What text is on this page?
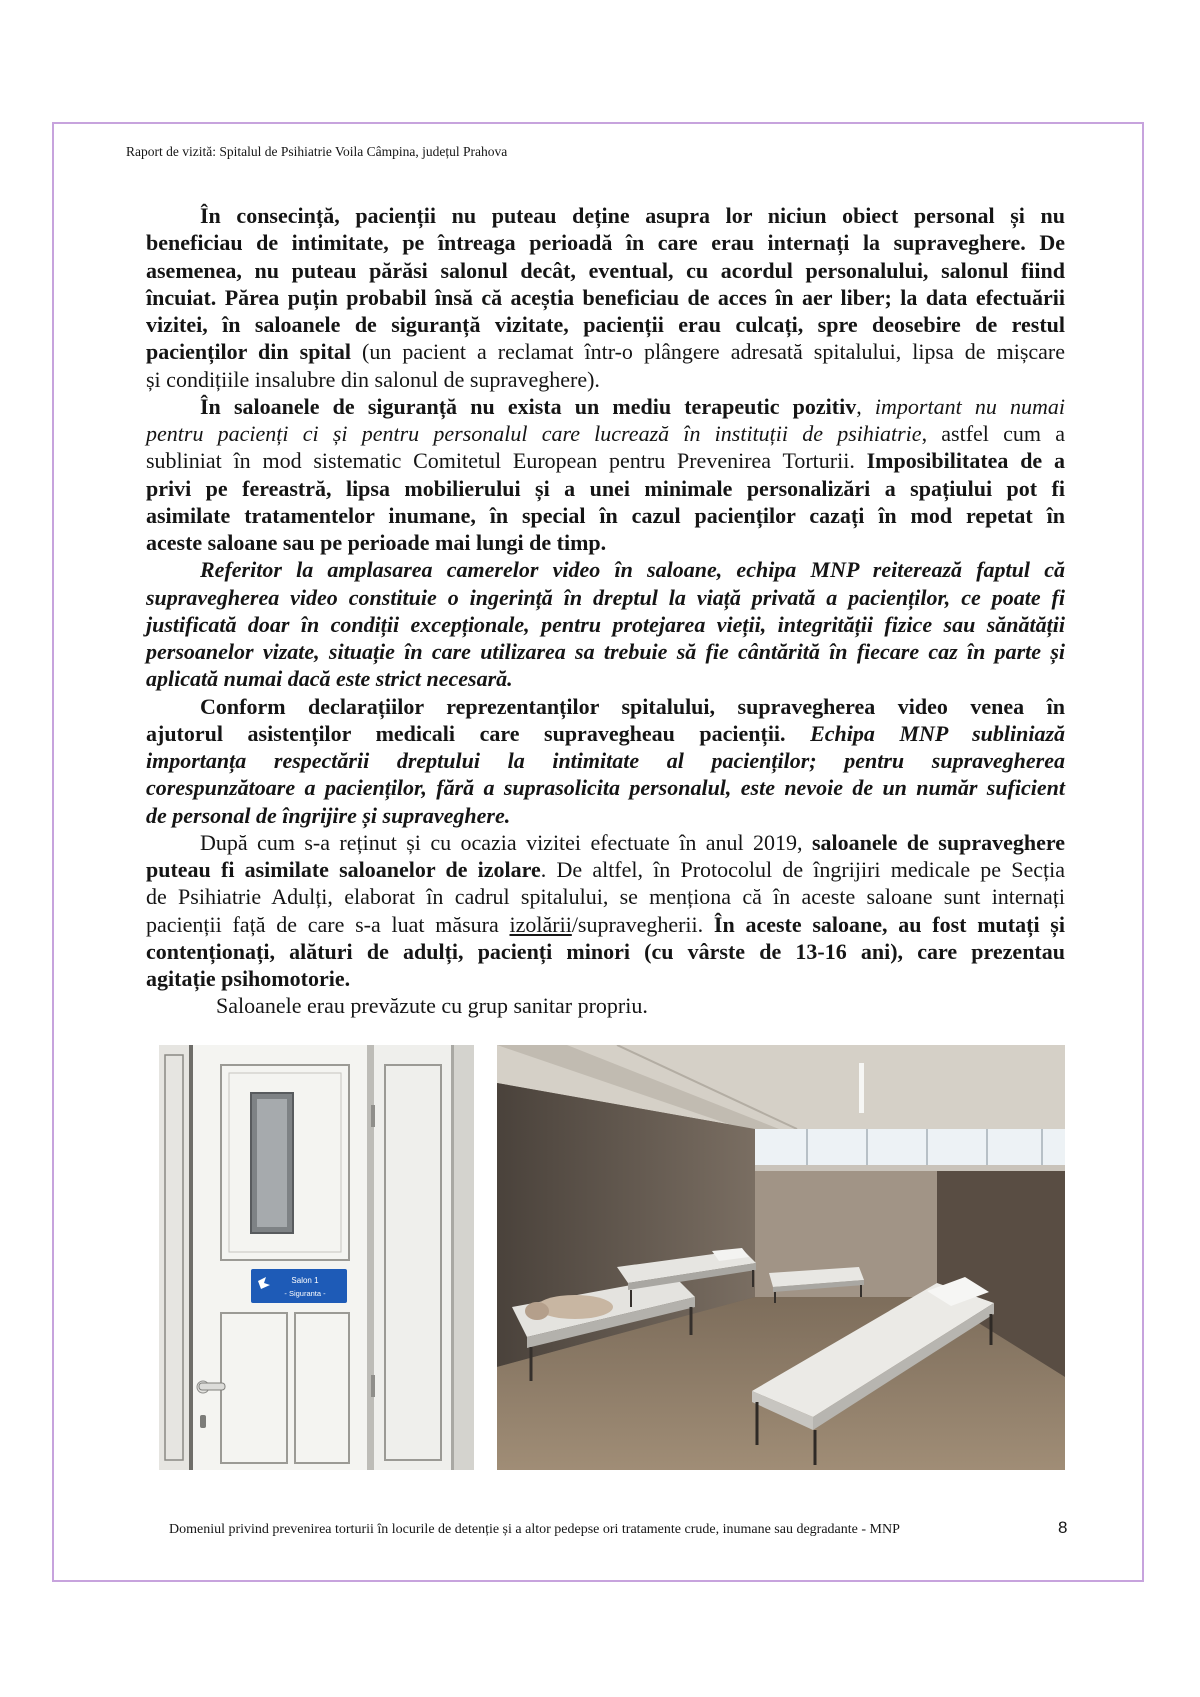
Raport de vizită: Spitalul de Psihiatrie Voila Câmpina, județul Prahova
În consecință, pacienții nu puteau deține asupra lor niciun obiect personal și nu
beneficiau de intimitate, pe întreaga perioadă în care erau internați la supraveghere. De
asemenea, nu puteau părăsi salonul decât, eventual, cu acordul personalului, salonul fiind
încuiat. Părea puțin probabil însă că aceștia beneficiau de acces în aer liber; la data efectuării
vizitei, în saloanele de siguranță vizitate, pacienții erau culcați, spre deosebire de restul
pacienților din spital (un pacient a reclamat într-o plângere adresată spitalului, lipsa de mișcare
și condițiile insalubre din salonul de supraveghere).
În saloanele de siguranță nu exista un mediu terapeutic pozitiv, important nu numai
pentru pacienți ci și pentru personalul care lucrează în instituții de psihiatrie, astfel cum a
subliniat în mod sistematic Comitetul European pentru Prevenirea Torturii. Imposibilitatea de a
privi pe fereastră, lipsa mobilierului și a unei minimale personalizări a spațiului pot fi
asimilate tratamentelor inumane, în special în cazul pacienților cazați în mod repetat în
aceste saloane sau pe perioade mai lungi de timp.
Referitor la amplasarea camerelor video în saloane, echipa MNP reiterează faptul că
supravegherea video constituie o ingerință în dreptul la viață privată a pacienților, ce poate fi
justificată doar în condiții excepționale, pentru protejarea vieții, integrității fizice sau sănătății
persoanelor vizate, situație în care utilizarea sa trebuie să fie cântărită în fiecare caz în parte și
aplicată numai dacă este strict necesară.
Conform declarațiilor reprezentanților spitalului, supravegherea video venea în
ajutorul asistenților medicali care supravegheau pacienții. Echipa MNP subliniază
importanța respectării dreptului la intimitate al pacienților; pentru supravegherea
corespunzătoare a pacienților, fără a suprasolicita personalul, este nevoie de un număr suficient
de personal de îngrijire și supraveghere.
După cum s-a reținut și cu ocazia vizitei efectuate în anul 2019, saloanele de supraveghere
puteau fi asimilate saloanelor de izolare. De altfel, în Protocolul de îngrijiri medicale pe Secția
de Psihiatrie Adulți, elaborat în cadrul spitalului, se menționa că în aceste saloane sunt internați
pacienții față de care s-a luat măsura izolării/supravegherii. În aceste saloane, au fost mutați și
contenționați, alături de adulți, pacienți minori (cu vârste de 13-16 ani), care prezentau
agitație psihomotorie.
Saloanele erau prevăzute cu grup sanitar propriu.
Salon 1
- Siguranta -
Domeniul privind prevenirea torturii în locurile de detenție și a altor pedepse ori tratamente crude, inumane sau degradante - MNP	8
